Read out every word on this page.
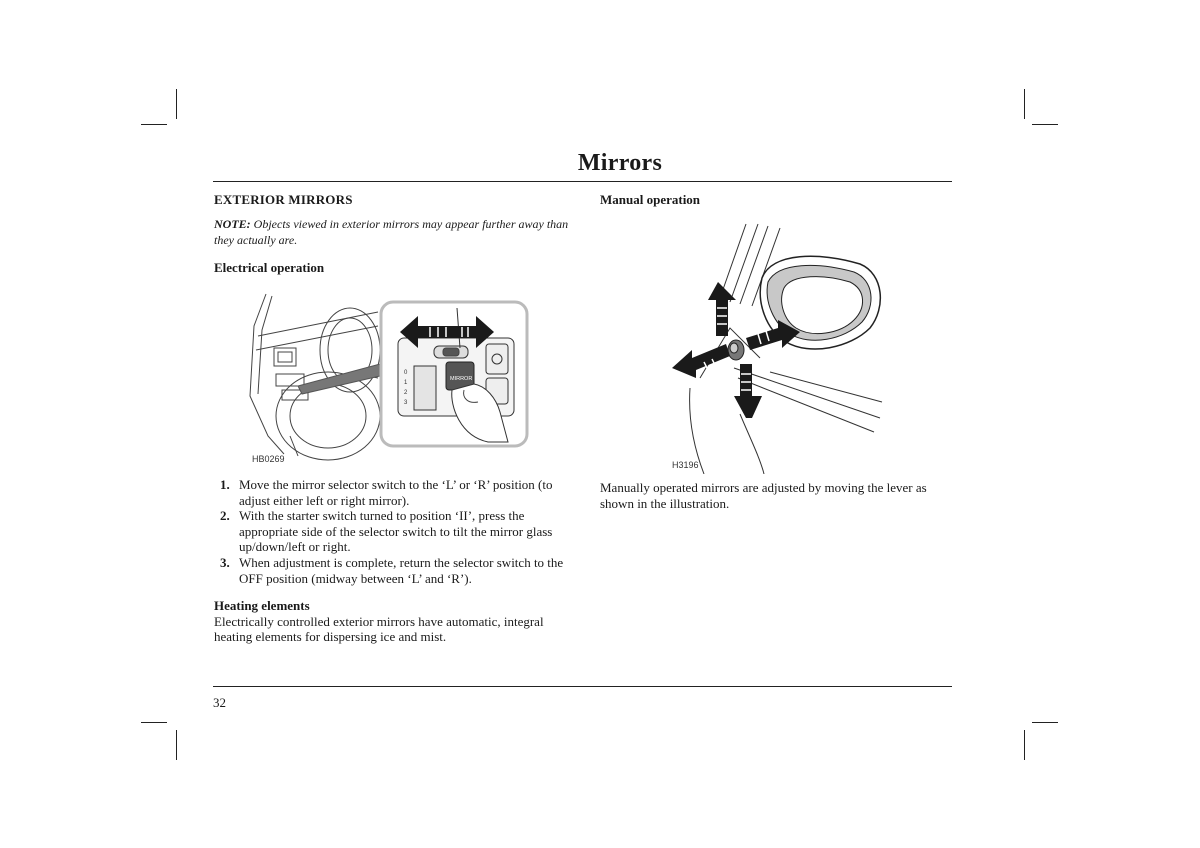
Mirrors
EXTERIOR MIRRORS

NOTE: Objects viewed in exterior mirrors may appear further away than they actually are.

Electrical operation
0
1
2
3
MIRROR
HB0269
1. Move the mirror selector switch to the ‘L’ or ‘R’ position (to adjust either left or right mirror).
2. With the starter switch turned to position ‘II’, press the appropriate side of the selector switch to tilt the mirror glass up/down/left or right.
3. When adjustment is complete, return the selector switch to the OFF position (midway between ‘L’ and ‘R’).
Heating elements

Electrically controlled exterior mirrors have automatic, integral heating elements for dispersing ice and mist.

Manual operation
H3196

Manually operated mirrors are adjusted by moving the lever as shown in the illustration.

32
